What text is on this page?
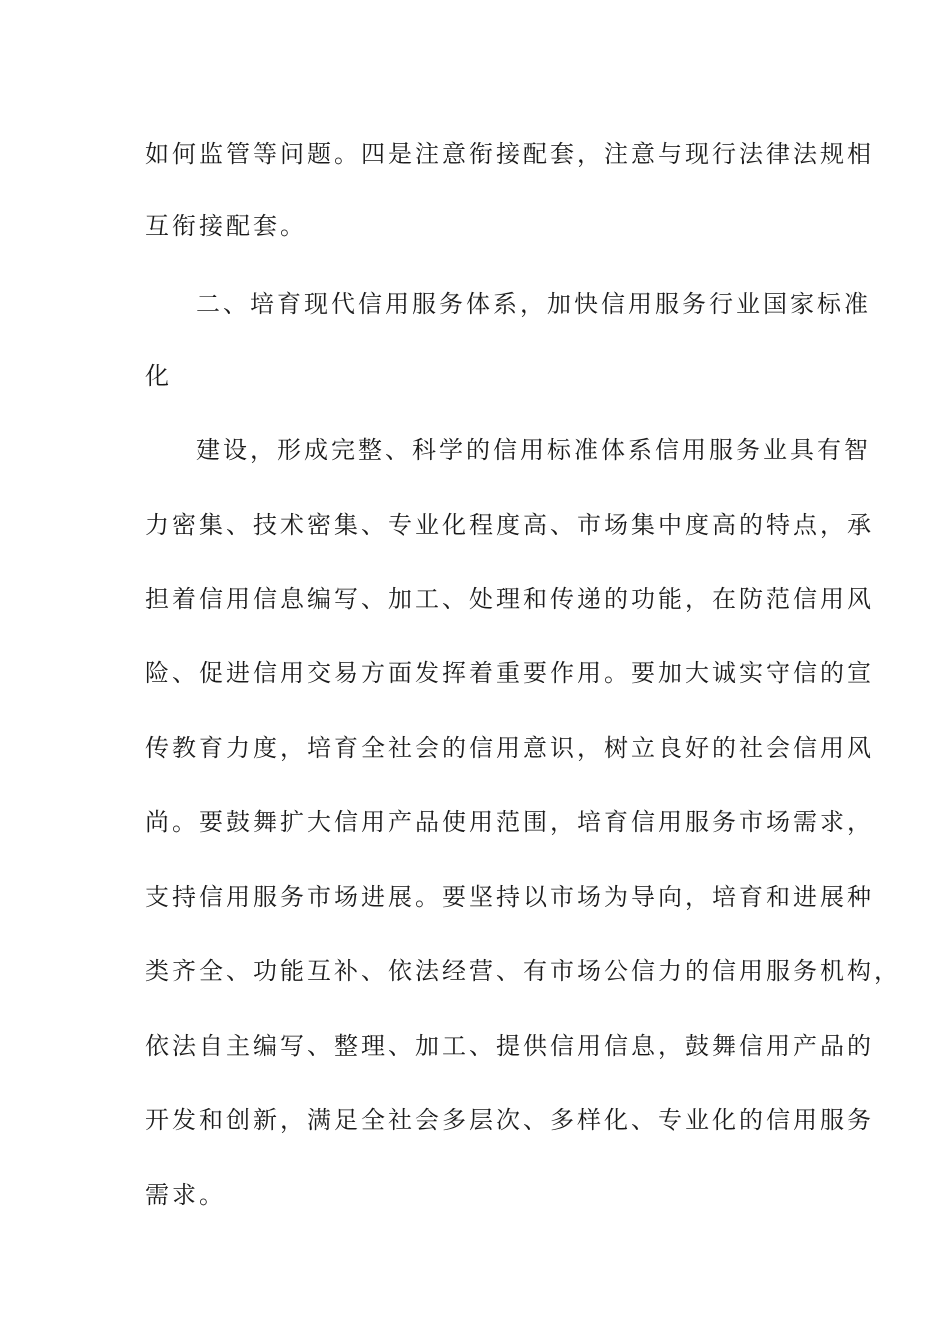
如何监管等问题。四是注意衔接配套，注意与现行法律法规相
互衔接配套。
二、培育现代信用服务体系，加快信用服务行业国家标准
化
建设，形成完整、科学的信用标准体系信用服务业具有智
力密集、技术密集、专业化程度高、市场集中度高的特点，承
担着信用信息编写、加工、处理和传递的功能，在防范信用风
险、促进信用交易方面发挥着重要作用。要加大诚实守信的宣
传教育力度，培育全社会的信用意识，树立良好的社会信用风
尚。要鼓舞扩大信用产品使用范围，培育信用服务市场需求，
支持信用服务市场进展。要坚持以市场为导向，培育和进展种
类齐全、功能互补、依法经营、有市场公信力的信用服务机构，
依法自主编写、整理、加工、提供信用信息，鼓舞信用产品的
开发和创新，满足全社会多层次、多样化、专业化的信用服务
需求。
